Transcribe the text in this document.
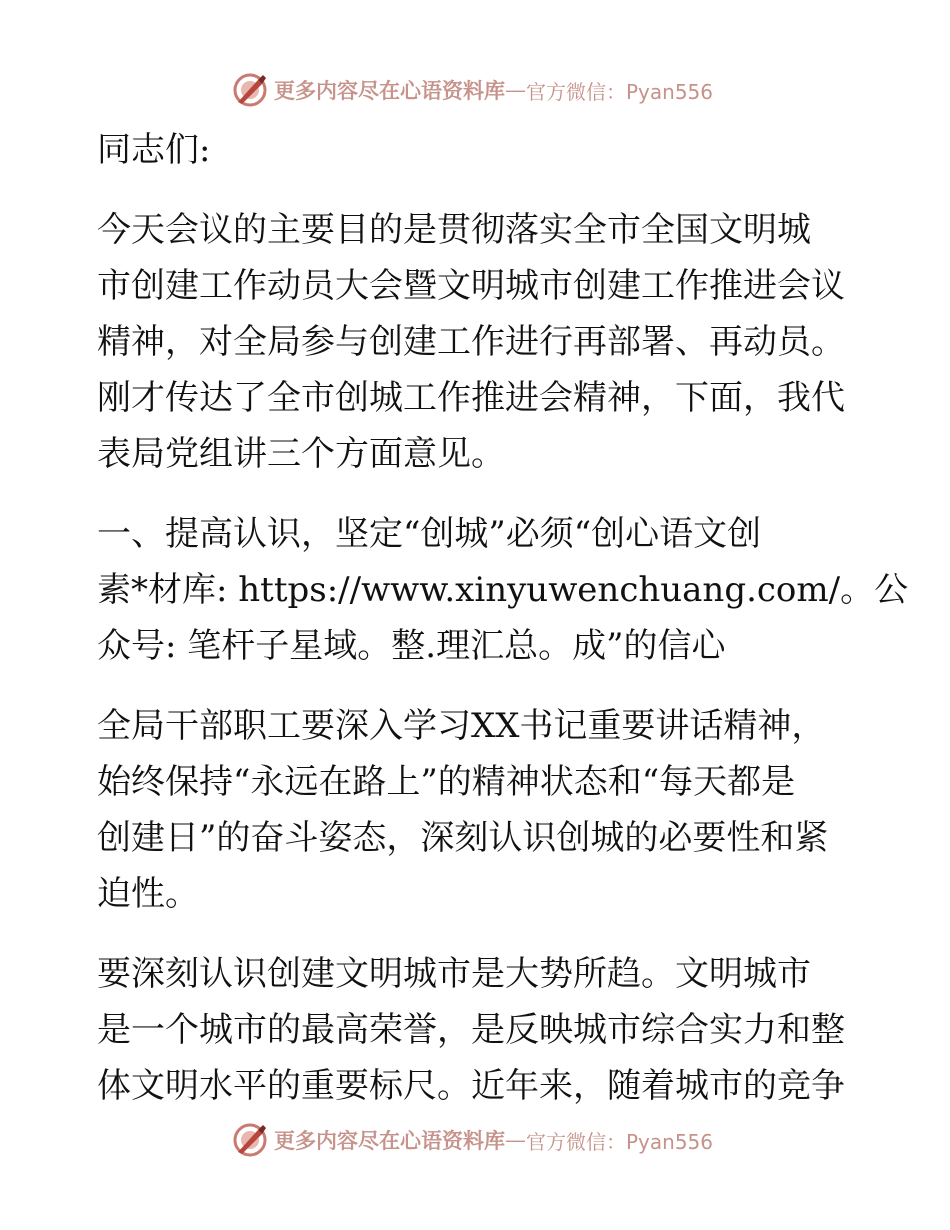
更多内容尽在心语资料库 — 官方微信：Pyan556

同志们:

今天会议的主要目的是贯彻落实全市全国文明城
市创建工作动员大会暨文明城市创建工作推进会议
精神，对全局参与创建工作进行再部署、再动员。
刚才传达了全市创城工作推进会精神，下面，我代
表局党组讲三个方面意见。

一、提高认识，坚定“创城”必须“创心语文创
素*材库: https://www.xinyuwenchuang.com/。公
众号: 笔杆子星域。整.理汇总。成”的信心

全局干部职工要深入学习XX书记重要讲话精神，
始终保持“永远在路上”的精神状态和“每天都是
创建日”的奋斗姿态，深刻认识创城的必要性和紧
迫性。

要深刻认识创建文明城市是大势所趋。文明城市
是一个城市的最高荣誉，是反映城市综合实力和整
体文明水平的重要标尺。近年来，随着城市的竞争

更多内容尽在心语资料库 — 官方微信：Pyan556
